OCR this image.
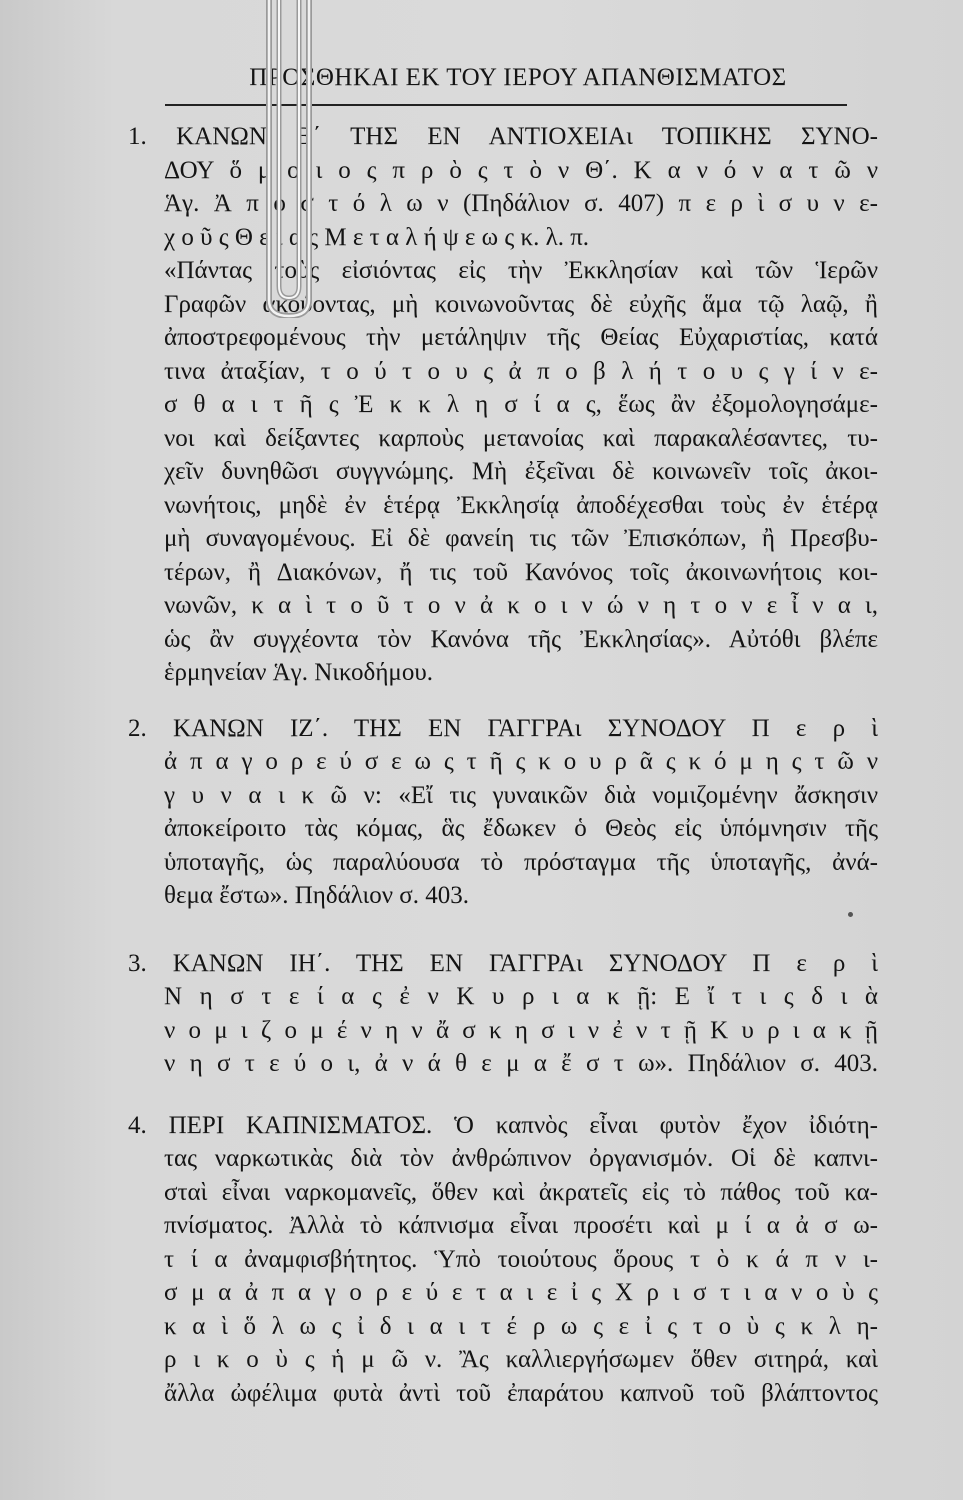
ΠΡΟΣΘΗΚΑΙ ΕΚ ΤΟΥ ΙΕΡΟΥ ΑΠΑΝΘΙΣΜΑΤΟΣ
1. ΚΑΝΩΝ Β΄ ΤΗΣ ΕΝ ΑΝΤΙΟΧΕΙΑι ΤΟΠΙΚΗΣ ΣΥΝΟ-
ΔΟΥ ὅ μ ο ι ο ς π ρ ὸ ς τ ὸ ν Θ΄. Κ α ν ό ν α τ ῶ ν
Ἁγ. Ἀ π ο σ τ ό λ ω ν (Πηδάλιον σ. 407) π ε ρ ὶ σ υ ν ε-
χ ο ῦ ς Θ ε ί α ς Μ ε τ α λ ή ψ ε ω ς κ. λ. π.
«Πάντας τοὺς εἰσιόντας εἰς τὴν Ἐκκλησίαν καὶ τῶν Ἱερῶν
Γραφῶν ἀκούοντας, μὴ κοινωνοῦντας δὲ εὐχῆς ἅμα τῷ λαῷ, ἢ
ἀποστρεφομένους τὴν μετάληψιν τῆς Θείας Εὐχαριστίας, κατά
τινα ἀταξίαν, τ ο ύ τ ο υ ς ἀ π ο β λ ή τ ο υ ς γ ί ν ε-
σ θ α ι τ ῆ ς Ἐ κ κ λ η σ ί α ς, ἕως ἂν ἐξομολογησάμε-
νοι καὶ δείξαντες καρποὺς μετανοίας καὶ παρακαλέσαντες, τυ-
χεῖν δυνηθῶσι συγγνώμης. Μὴ ἐξεῖναι δὲ κοινωνεῖν τοῖς ἀκοι-
νωνήτοις, μηδὲ ἐν ἑτέρᾳ Ἐκκλησίᾳ ἀποδέχεσθαι τοὺς ἐν ἑτέρᾳ
μὴ συναγομένους. Εἰ δὲ φανείη τις τῶν Ἐπισκόπων, ἢ Πρεσβυ-
τέρων, ἢ Διακόνων, ἤ τις τοῦ Κανόνος τοῖς ἀκοινωνήτοις κοι-
νωνῶν, κ α ὶ τ ο ῦ τ ο ν ἀ κ ο ι ν ώ ν η τ ο ν ε ἶ ν α ι,
ὡς ἂν συγχέοντα τὸν Κανόνα τῆς Ἐκκλησίας». Αὐτόθι βλέπε
ἑρμηνείαν Ἁγ. Νικοδήμου.
2. ΚΑΝΩΝ ΙΖ΄. ΤΗΣ ΕΝ ΓΑΓΓΡΑι ΣΥΝΟΔΟΥ Π ε ρ ὶ
ἀ π α γ ο ρ ε ύ σ ε ω ς τ ῆ ς κ ο υ ρ ᾶ ς κ ό μ η ς τ ῶ ν
γ υ ν α ι κ ῶ ν: «Εἴ τις γυναικῶν διὰ νομιζομένην ἄσκησιν
ἀποκείροιτο τὰς κόμας, ἃς ἔδωκεν ὁ Θεὸς εἰς ὑπόμνησιν τῆς
ὑποταγῆς, ὡς παραλύουσα τὸ πρόσταγμα τῆς ὑποταγῆς, ἀνά-
θεμα ἔστω». Πηδάλιον σ. 403.
3. ΚΑΝΩΝ ΙΗ΄. ΤΗΣ ΕΝ ΓΑΓΓΡΑι ΣΥΝΟΔΟΥ Π ε ρ ὶ
Ν η σ τ ε ί α ς ἐ ν Κ υ ρ ι α κ ῇ: Ε ἴ τ ι ς δ ι ὰ
ν ο μ ι ζ ο μ έ ν η ν ἄ σ κ η σ ι ν ἐ ν τ ῇ Κ υ ρ ι α κ ῇ
ν η σ τ ε ύ ο ι, ἀ ν ά θ ε μ α ἔ σ τ ω». Πηδάλιον σ. 403.
4. ΠΕΡΙ ΚΑΠΝΙΣΜΑΤΟΣ. Ὁ καπνὸς εἶναι φυτὸν ἔχον ἰδιότη-
τας ναρκωτικὰς διὰ τὸν ἀνθρώπινον ὀργανισμόν. Οἱ δὲ καπνι-
σταὶ εἶναι ναρκομανεῖς, ὅθεν καὶ ἀκρατεῖς εἰς τὸ πάθος τοῦ κα-
πνίσματος. Ἀλλὰ τὸ κάπνισμα εἶναι προσέτι καὶ μ ί α ἀ σ ω-
τ ί α ἀναμφισβήτητος. Ὑπὸ τοιούτους ὅρους τ ὸ κ ά π ν ι-
σ μ α ἀ π α γ ο ρ ε ύ ε τ α ι ε ἰ ς Χ ρ ι σ τ ι α ν ο ὺ ς
κ α ὶ ὅ λ ω ς ἰ δ ι α ι τ έ ρ ω ς ε ἰ ς τ ο ὺ ς κ λ η-
ρ ι κ ο ὺ ς ἡ μ ῶ ν. Ἂς καλλιεργήσωμεν ὅθεν σιτηρά, καὶ
ἄλλα ὠφέλιμα φυτὰ ἀντὶ τοῦ ἐπαράτου καπνοῦ τοῦ βλάπτοντος
